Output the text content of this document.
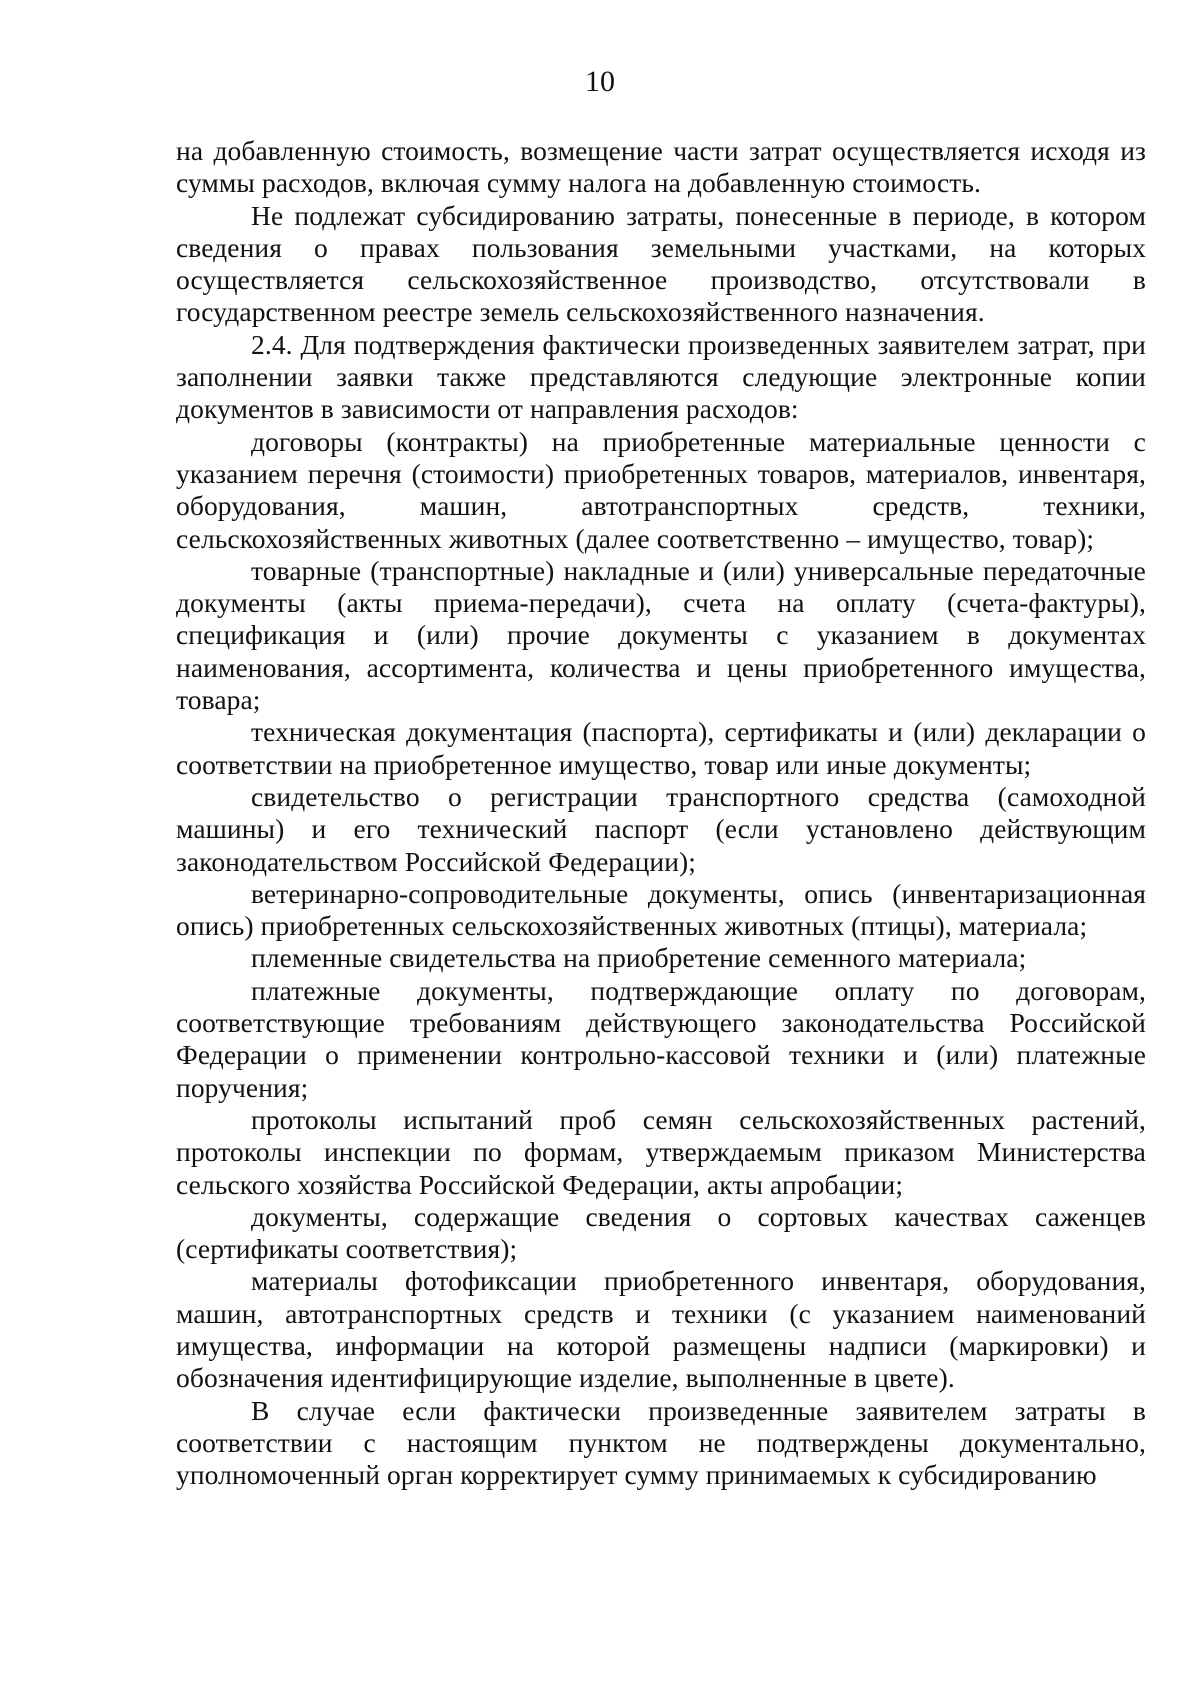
10

на добавленную стоимость, возмещение части затрат осуществляется исходя из суммы расходов, включая сумму налога на добавленную стоимость.

Не подлежат субсидированию затраты, понесенные в периоде, в котором сведения о правах пользования земельными участками, на которых осуществляется сельскохозяйственное производство, отсутствовали в государственном реестре земель сельскохозяйственного назначения.

2.4. Для подтверждения фактически произведенных заявителем затрат, при заполнении заявки также представляются следующие электронные копии документов в зависимости от направления расходов:

договоры (контракты) на приобретенные материальные ценности с указанием перечня (стоимости) приобретенных товаров, материалов, инвентаря, оборудования, машин, автотранспортных средств, техники, сельскохозяйственных животных (далее соответственно – имущество, товар);

товарные (транспортные) накладные и (или) универсальные передаточные документы (акты приема-передачи), счета на оплату (счета-фактуры), спецификация и (или) прочие документы с указанием в документах наименования, ассортимента, количества и цены приобретенного имущества, товара;

техническая документация (паспорта), сертификаты и (или) декларации о соответствии на приобретенное имущество, товар или иные документы;

свидетельство о регистрации транспортного средства (самоходной машины) и его технический паспорт (если установлено действующим законодательством Российской Федерации);

ветеринарно-сопроводительные документы, опись (инвентаризационная опись) приобретенных сельскохозяйственных животных (птицы), материала;

племенные свидетельства на приобретение семенного материала;

платежные документы, подтверждающие оплату по договорам, соответствующие требованиям действующего законодательства Российской Федерации о применении контрольно-кассовой техники и (или) платежные поручения;

протоколы испытаний проб семян сельскохозяйственных растений, протоколы инспекции по формам, утверждаемым приказом Министерства сельского хозяйства Российской Федерации, акты апробации;

документы, содержащие сведения о сортовых качествах саженцев (сертификаты соответствия);

материалы фотофиксации приобретенного инвентаря, оборудования, машин, автотранспортных средств и техники (с указанием наименований имущества, информации на которой размещены надписи (маркировки) и обозначения идентифицирующие изделие, выполненные в цвете).

В случае если фактически произведенные заявителем затраты в соответствии с настоящим пунктом не подтверждены документально, уполномоченный орган корректирует сумму принимаемых к субсидированию
